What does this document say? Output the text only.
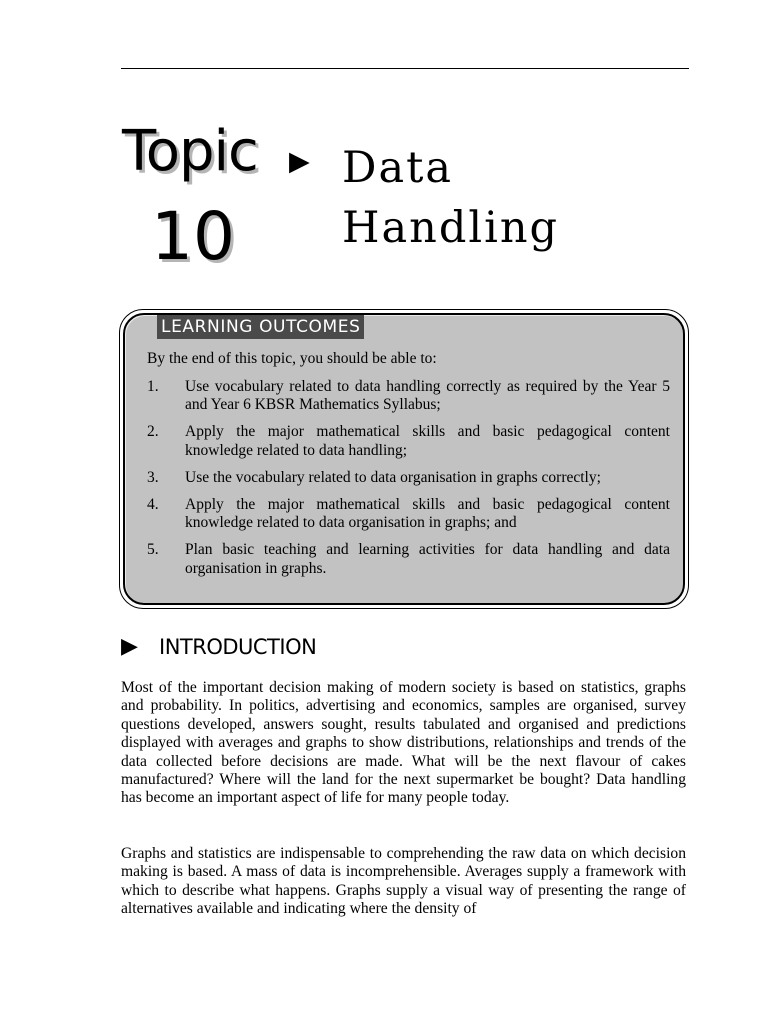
Topic ▶
10
Data
Handling
LEARNING OUTCOMES
By the end of this topic, you should be able to:
1.	Use vocabulary related to data handling correctly as required by the Year 5 and Year 6 KBSR Mathematics Syllabus;
2.	Apply the major mathematical skills and basic pedagogical content knowledge related to data handling;
3.	Use the vocabulary related to data organisation in graphs correctly;
4.	Apply the major mathematical skills and basic pedagogical content knowledge related to data organisation in graphs; and
5.	Plan basic teaching and learning activities for data handling and data organisation in graphs.
▶	INTRODUCTION

Most of the important decision making of modern society is based on statistics, graphs and probability. In politics, advertising and economics, samples are organised, survey questions developed, answers sought, results tabulated and organised and predictions displayed with averages and graphs to show distributions, relationships and trends of the data collected before decisions are made. What will be the next flavour of cakes manufactured? Where will the land for the next supermarket be bought? Data handling has become an important aspect of life for many people today.

Graphs and statistics are indispensable to comprehending the raw data on which decision making is based. A mass of data is incomprehensible. Averages supply a framework with which to describe what happens. Graphs supply a visual way of presenting the range of alternatives available and indicating where the density of
